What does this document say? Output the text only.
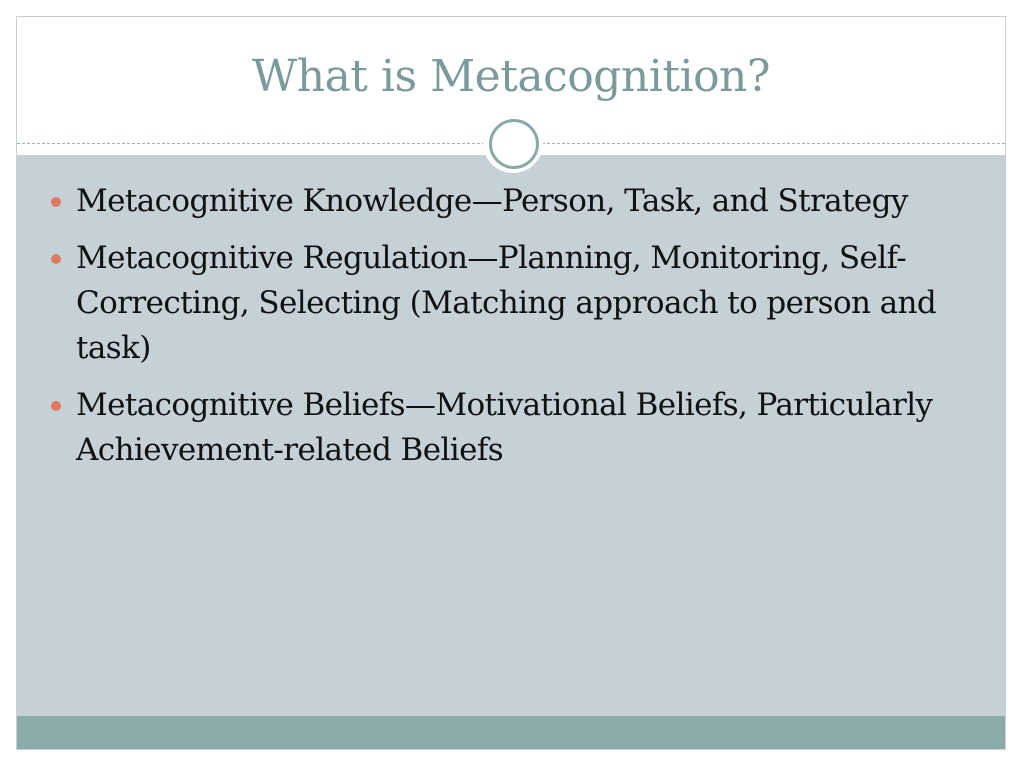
What is Metacognition?
Metacognitive Knowledge—Person, Task, and Strategy
Metacognitive Regulation—Planning, Monitoring, Self-Correcting, Selecting (Matching approach to person and task)
Metacognitive Beliefs—Motivational Beliefs, Particularly Achievement-related Beliefs
